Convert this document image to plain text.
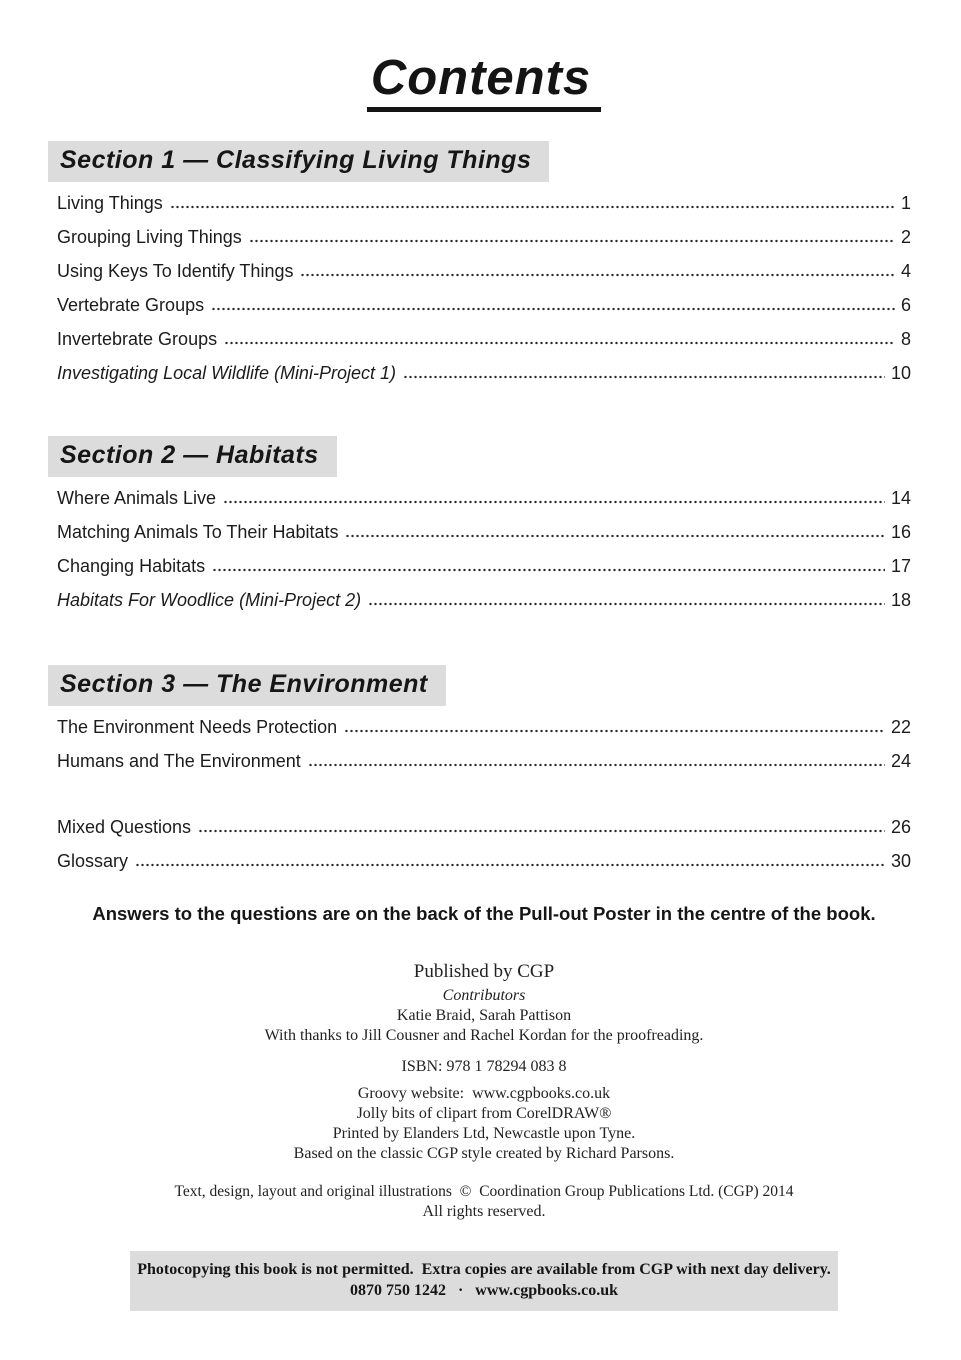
Contents
Section 1 — Classifying Living Things
Living Things	1
Grouping Living Things	2
Using Keys To Identify Things	4
Vertebrate Groups	6
Invertebrate Groups	8
Investigating Local Wildlife (Mini-Project 1)	10
Section 2 — Habitats
Where Animals Live	14
Matching Animals To Their Habitats	16
Changing Habitats	17
Habitats For Woodlice (Mini-Project 2)	18
Section 3 — The Environment
The Environment Needs Protection	22
Humans and The Environment	24
Mixed Questions	26
Glossary	30
Answers to the questions are on the back of the Pull-out Poster in the centre of the book.
Published by CGP
Contributors
Katie Braid, Sarah Pattison
With thanks to Jill Cousner and Rachel Kordan for the proofreading.
ISBN: 978 1 78294 083 8
Groovy website:  www.cgpbooks.co.uk
Jolly bits of clipart from CorelDRAW®
Printed by Elanders Ltd, Newcastle upon Tyne.
Based on the classic CGP style created by Richard Parsons.
Text, design, layout and original illustrations  ©  Coordination Group Publications Ltd. (CGP) 2014
All rights reserved.
Photocopying this book is not permitted.  Extra copies are available from CGP with next day delivery.
0870 750 1242   ·   www.cgpbooks.co.uk
